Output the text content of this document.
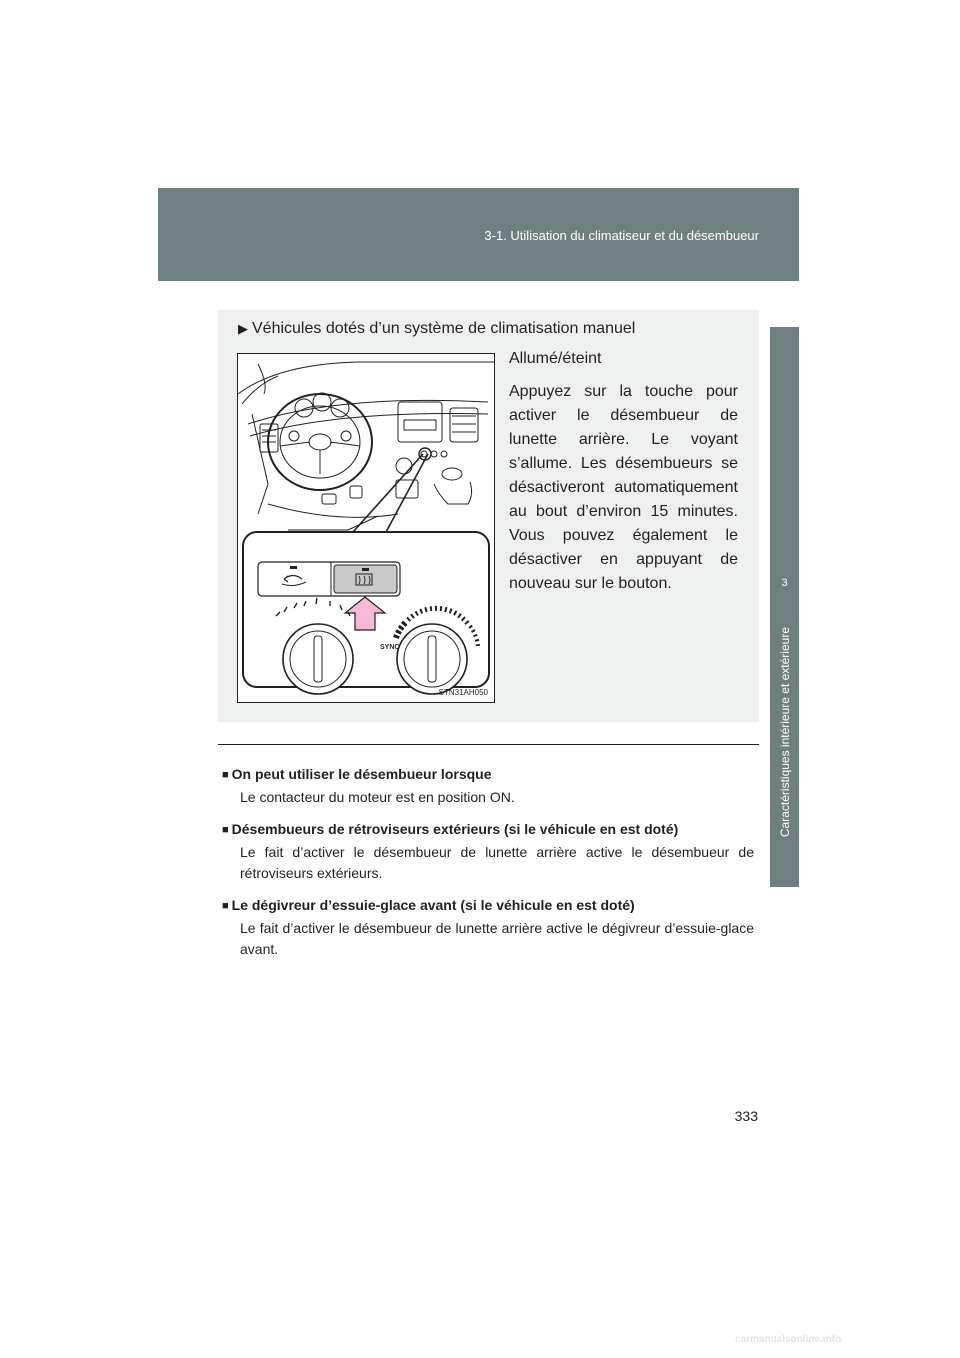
3-1. Utilisation du climatiseur et du désembueur
3
Caractéristiques intérieure et extérieure
▶ Véhicules dotés d’un système de climatisation manuel
SYNC
STN31AH050
Allumé/éteint
Appuyez sur la touche pour activer le désembueur de lunette arrière. Le voyant s’allume. Les désembueurs se désactiveront automatiquement au bout d’environ 15 minutes. Vous pouvez également le désactiver en appuyant de nouveau sur le bouton.
■ On peut utiliser le désembueur lorsque
Le contacteur du moteur est en position ON.
■ Désembueurs de rétroviseurs extérieurs (si le véhicule en est doté)
Le fait d’activer le désembueur de lunette arrière active le désembueur de rétroviseurs extérieurs.
■ Le dégivreur d’essuie-glace avant (si le véhicule en est doté)
Le fait d’activer le désembueur de lunette arrière active le dégivreur d’essuie-glace avant.
333
carmanualsonline.info
